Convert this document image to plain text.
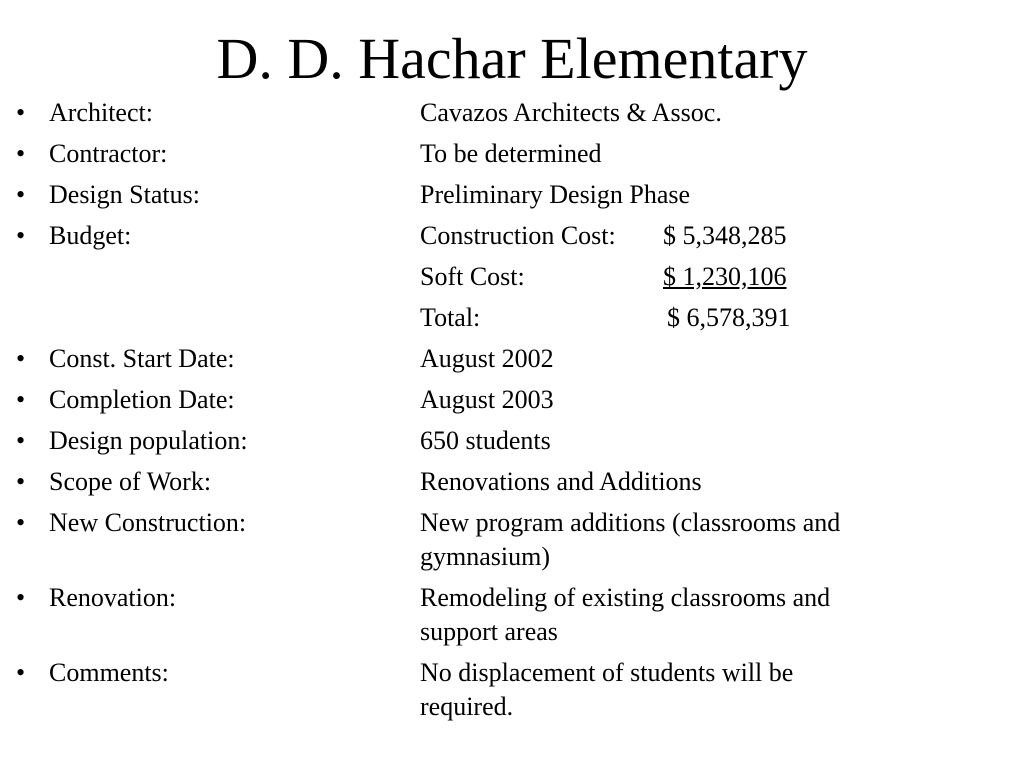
D. D. Hachar Elementary
• Architect:	Cavazos Architects & Assoc.
• Contractor:	To be determined
• Design Status:	Preliminary Design Phase
• Budget:	Construction Cost: $ 5,348,285
Soft Cost:	$ 1,230,106
Total:	$ 6,578,391
• Const. Start Date:	August 2002
• Completion Date:	August 2003
• Design population:	650 students
• Scope of Work:	Renovations and Additions
• New Construction:	New program additions (classrooms and gymnasium)
• Renovation:	Remodeling of existing classrooms and support areas
• Comments:	No displacement of students will be required.
